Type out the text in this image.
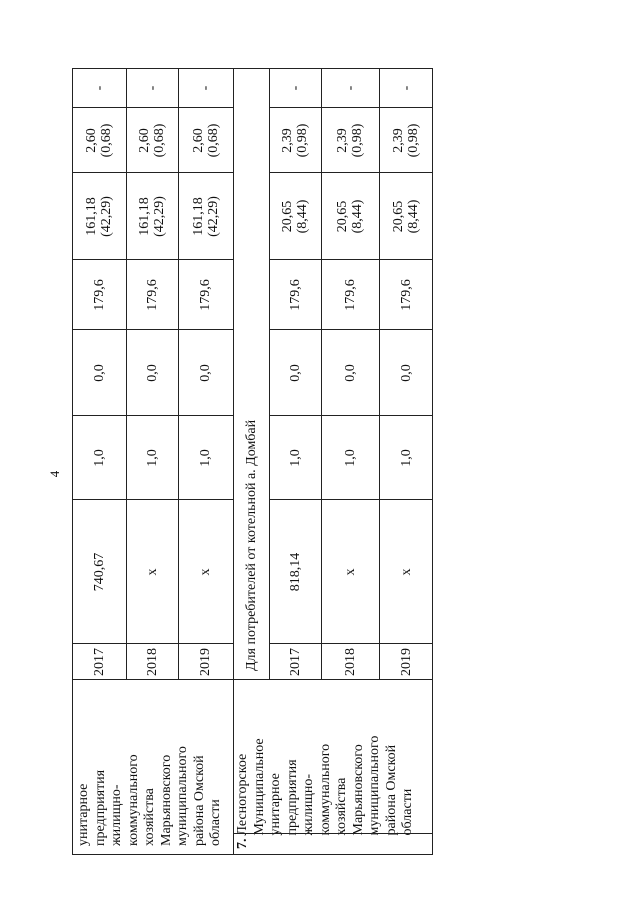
4
унитарное
предприятия
жилищно-
коммунального
хозяйства
Марьяновского
муниципального
района Омской
области
2017
740,67
1,0
0,0
179,6
161,18
(42,29)
2,60
(0,68)
-
2018
x
1,0
0,0
179,6
161,18
(42,29)
2,60
(0,68)
-
2019
x
1,0
0,0
179,6
161,18
(42,29)
2,60
(0,68)
-
7.
Лесногорское
Муниципальное
унитарное
предприятия
жилищно-
коммунального
хозяйства
Марьяновского
муниципального
района Омской
области
Для потребителей от котельной а. Домбай	2017
818,14
1,0
0,0
179,6
20,65
(8,44)
2,39
(0,98)
-
2018
x
1,0
0,0
179,6
20,65
(8,44)
2,39
(0,98)
-
2019
x
1,0
0,0
179,6
20,65
(8,44)
2,39
(0,98)
-
